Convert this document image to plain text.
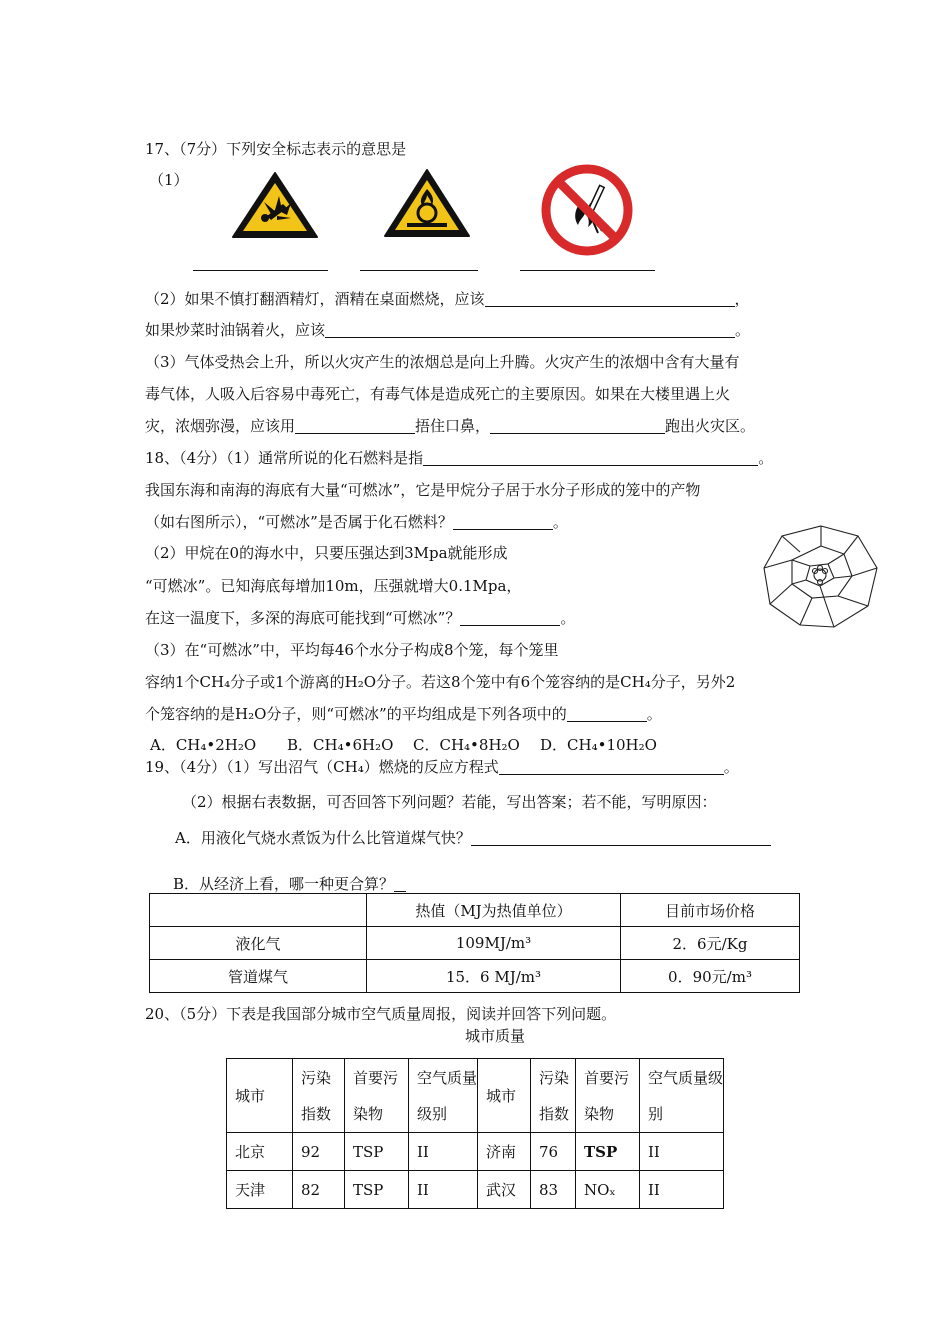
17、（7分）下列安全标志表示的意思是
（1）
（2）如果不慎打翻酒精灯，酒精在桌面燃烧，应该	，
如果炒菜时油锅着火，应该	。
（3）气体受热会上升，所以火灾产生的浓烟总是向上升腾。火灾产生的浓烟中含有大量有
毒气体，人吸入后容易中毒死亡，有毒气体是造成死亡的主要原因。如果在大楼里遇上火
灾，浓烟弥漫，应该用	捂住口鼻，	跑出火灾区。
18、（4分）（1）通常所说的化石燃料是指	。
我国东海和南海的海底有大量“可燃冰”，它是甲烷分子居于水分子形成的笼中的产物
（如右图所示），“可燃冰”是否属于化石燃料？	。
（2）甲烷在0的海水中，只要压强达到3Mpa就能形成
“可燃冰”。已知海底每增加10m，压强就增大0.1Mpa，
在这一温度下，多深的海底可能找到“可燃冰”？	。
（3）在“可燃冰”中，平均每46个水分子构成8个笼，每个笼里
容纳1个CH₄分子或1个游离的H₂O分子。若这8个笼中有6个笼容纳的是CH₄分子，另外2
个笼容纳的是H₂O分子，则“可燃冰”的平均组成是下列各项中的	。
A．CH₄•2H₂O B．CH₄•6H₂O C．CH₄•8H₂O D．CH₄•10H₂O
19、（4分）（1）写出沼气（CH₄）燃烧的反应方程式	。
（2）根据右表数据，可否回答下列问题？若能，写出答案；若不能，写明原因：
A．用液化气烧水煮饭为什么比管道煤气快？
B．从经济上看，哪一种更合算？
	热值（MJ为热值单位）	目前市场价格
液化气	109MJ/m³	2．6元/Kg
管道煤气	15．6 MJ/m³	0．90元/m³
20、（5分）下表是我国部分城市空气质量周报，阅读并回答下列问题。
城市质量
城市	污染指数	首要污染物	空气质量级别	城市	污染指数	首要污染物	空气质量级别
北京	92	TSP	II	济南	76	TSP	II
天津	82	TSP	II	武汉	83	NOₓ	II
